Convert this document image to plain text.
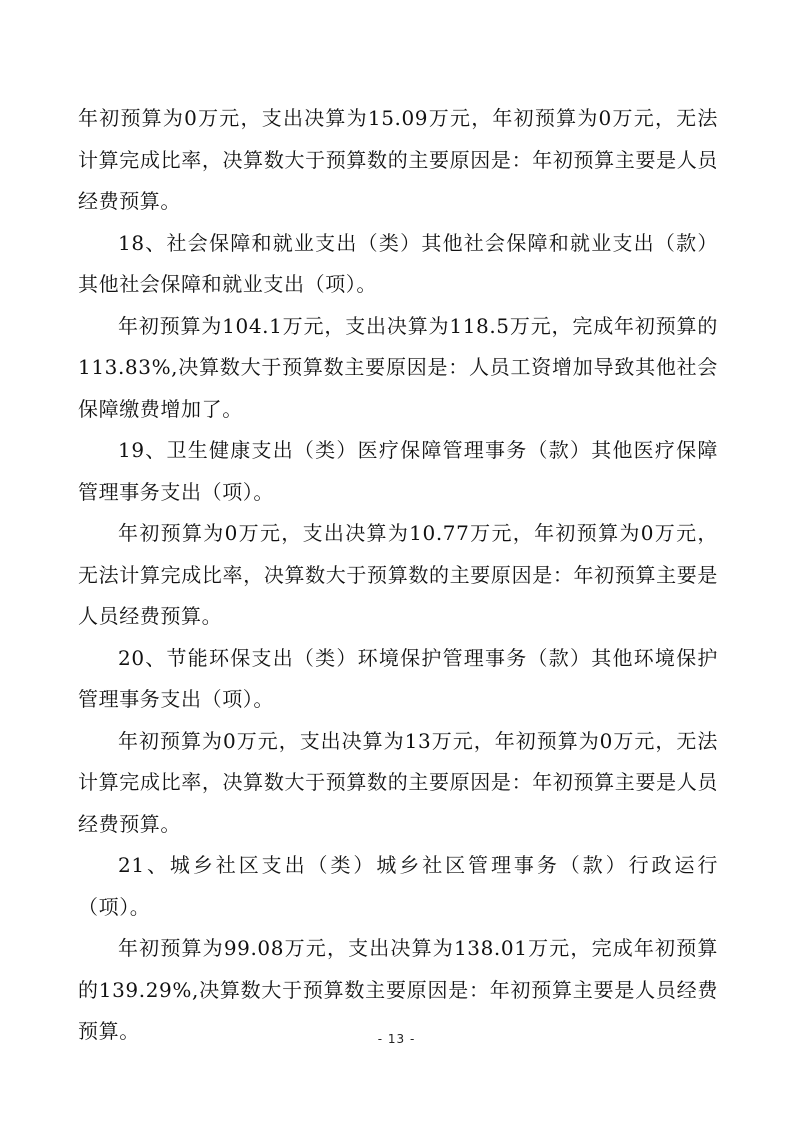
年初预算为0万元，支出决算为15.09万元，年初预算为0万元，无法计算完成比率，决算数大于预算数的主要原因是：年初预算主要是人员经费预算。

18、社会保障和就业支出（类）其他社会保障和就业支出（款）其他社会保障和就业支出（项）。

年初预算为104.1万元，支出决算为118.5万元，完成年初预算的113.83%,决算数大于预算数主要原因是：人员工资增加导致其他社会保障缴费增加了。

19、卫生健康支出（类）医疗保障管理事务（款）其他医疗保障管理事务支出（项）。

年初预算为0万元，支出决算为10.77万元，年初预算为0万元，无法计算完成比率，决算数大于预算数的主要原因是：年初预算主要是人员经费预算。

20、节能环保支出（类）环境保护管理事务（款）其他环境保护管理事务支出（项）。

年初预算为0万元，支出决算为13万元，年初预算为0万元，无法计算完成比率，决算数大于预算数的主要原因是：年初预算主要是人员经费预算。

21、城乡社区支出（类）城乡社区管理事务（款）行政运行（项）。

年初预算为99.08万元，支出决算为138.01万元，完成年初预算的139.29%,决算数大于预算数主要原因是：年初预算主要是人员经费预算。	- 13 -
